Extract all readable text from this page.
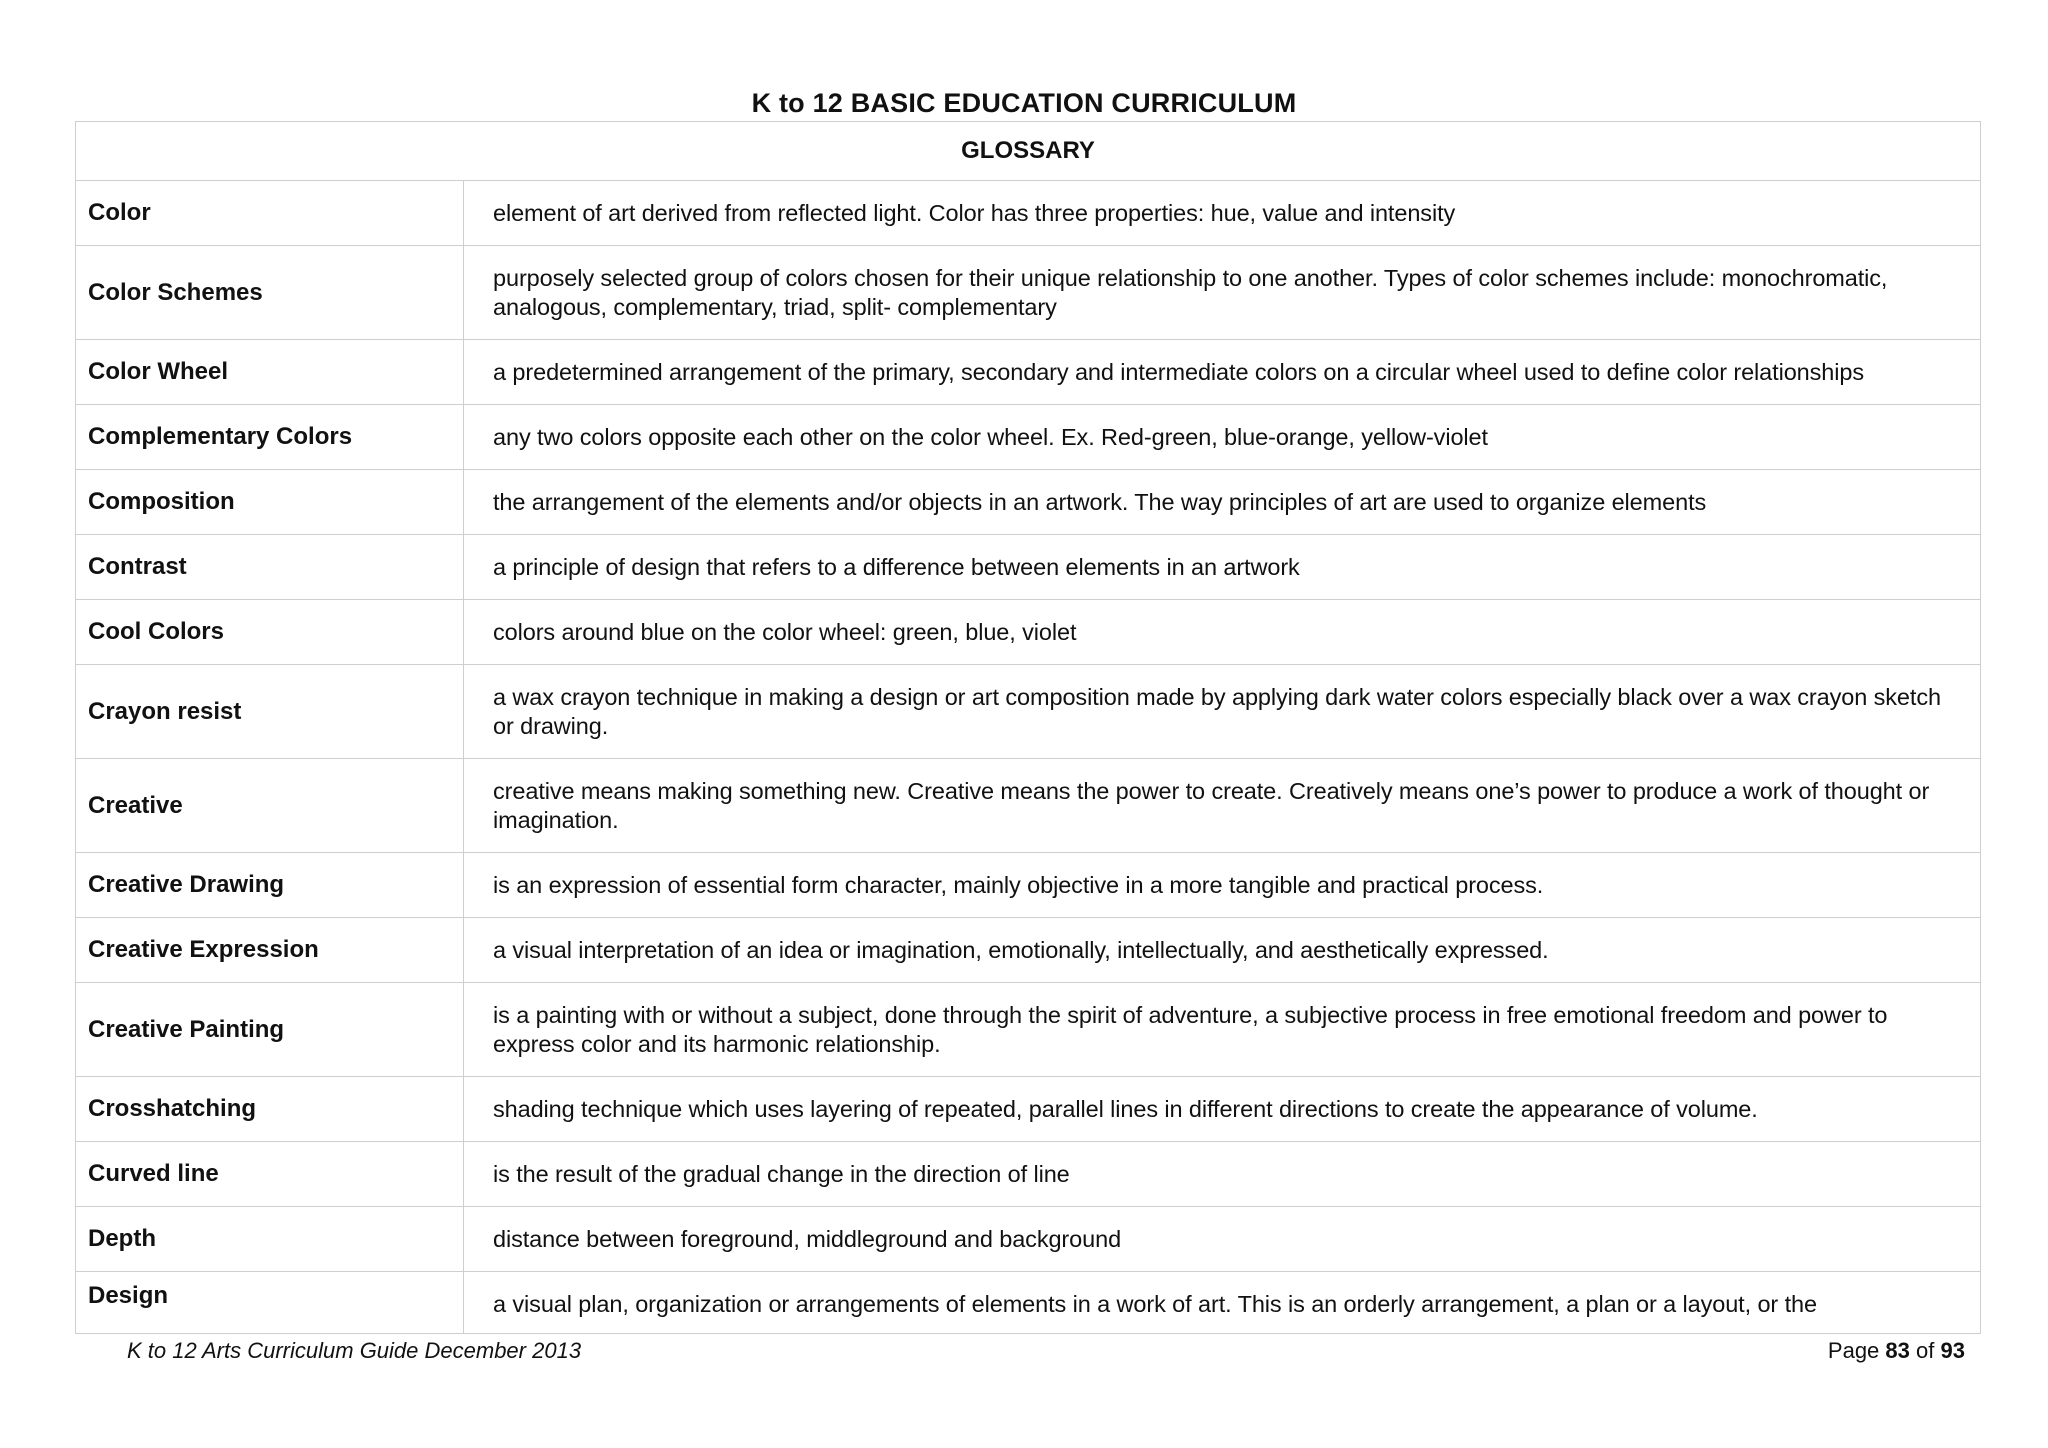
K to 12 BASIC EDUCATION CURRICULUM
GLOSSARY	
Color	element of art derived from reflected light. Color has three properties: hue, value and intensity
Color Schemes	purposely selected group of colors chosen for their unique relationship to one another. Types of color schemes include: monochromatic, analogous, complementary, triad, split- complementary
Color Wheel	a predetermined arrangement of the primary, secondary and intermediate colors on a circular wheel used to define color relationships
Complementary Colors	any two colors opposite each other on the color wheel. Ex. Red-green, blue-orange, yellow-violet
Composition	the arrangement of the elements and/or objects in an artwork. The way principles of art are used to organize elements
Contrast	a principle of design that refers to a difference between elements in an artwork
Cool Colors	colors around blue on the color wheel: green, blue, violet
Crayon resist	a wax crayon technique in making a design or art composition made by applying dark water colors especially black over a wax crayon sketch or drawing.
Creative	creative means making something new. Creative means the power to create. Creatively means one’s power to produce a work of thought or imagination.
Creative Drawing	is an expression of essential form character, mainly objective in a more tangible and practical process.
Creative Expression	a visual interpretation of an idea or imagination, emotionally, intellectually, and aesthetically expressed.
Creative Painting	is a painting with or without a subject, done through the spirit of adventure, a subjective process in free emotional freedom and power to express color and its harmonic relationship.
Crosshatching	shading technique which uses layering of repeated, parallel lines in different directions to create the appearance of volume.
Curved line	is the result of the gradual change in the direction of line
Depth	distance between foreground, middleground and background
Design	a visual plan, organization or arrangements of elements in a work of art. This is an orderly arrangement, a plan or a layout, or the
K to 12 Arts Curriculum Guide December 2013	Page 83 of 93
